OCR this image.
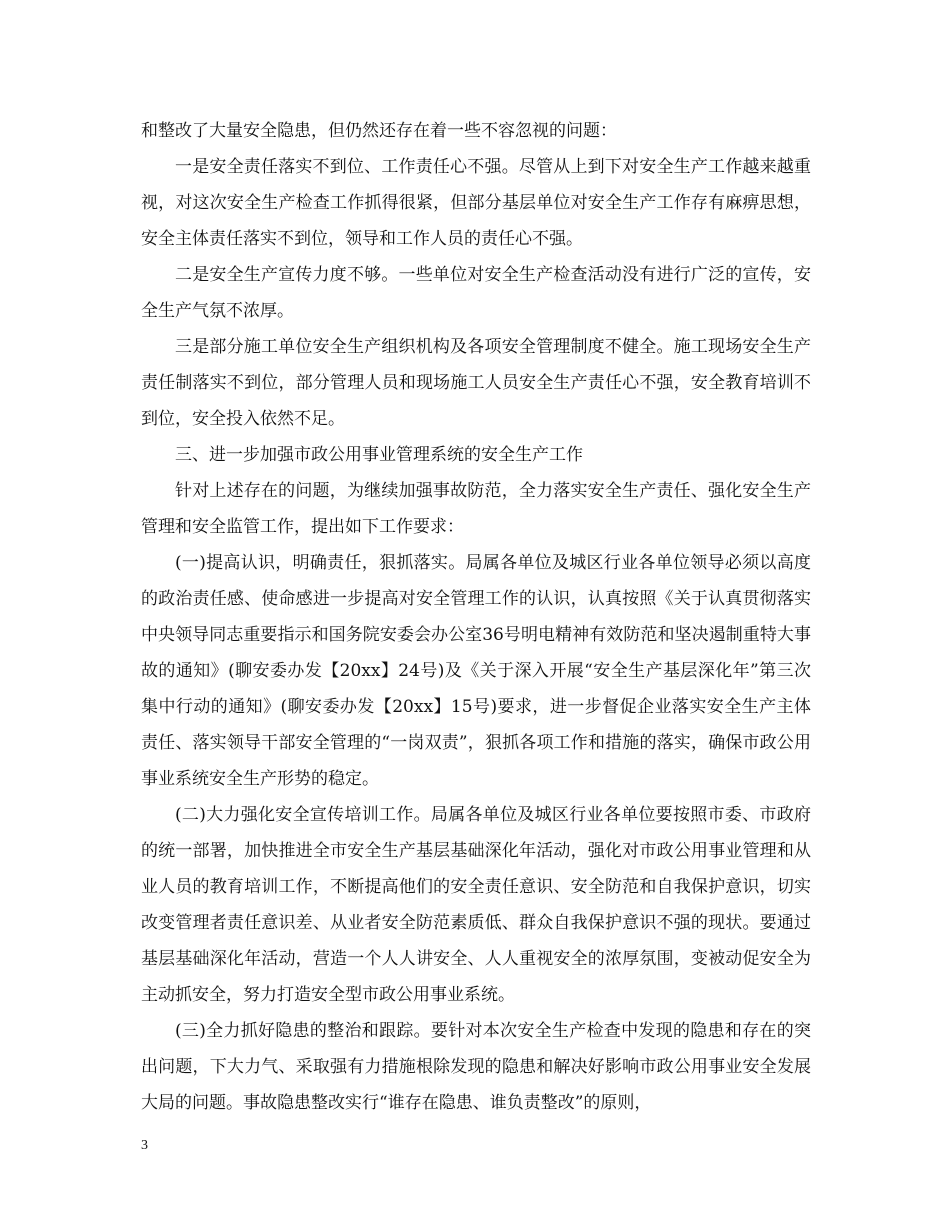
和整改了大量安全隐患，但仍然还存在着一些不容忽视的问题：

一是安全责任落实不到位、工作责任心不强。尽管从上到下对安全生产工作越来越重视，对这次安全生产检查工作抓得很紧，但部分基层单位对安全生产工作存有麻痹思想，安全主体责任落实不到位，领导和工作人员的责任心不强。

二是安全生产宣传力度不够。一些单位对安全生产检查活动没有进行广泛的宣传，安全生产气氛不浓厚。

三是部分施工单位安全生产组织机构及各项安全管理制度不健全。施工现场安全生产责任制落实不到位，部分管理人员和现场施工人员安全生产责任心不强，安全教育培训不到位，安全投入依然不足。

三、进一步加强市政公用事业管理系统的安全生产工作

针对上述存在的问题，为继续加强事故防范，全力落实安全生产责任、强化安全生产管理和安全监管工作，提出如下工作要求：

(一)提高认识，明确责任，狠抓落实。局属各单位及城区行业各单位领导必须以高度的政治责任感、使命感进一步提高对安全管理工作的认识，认真按照《关于认真贯彻落实中央领导同志重要指示和国务院安委会办公室36号明电精神有效防范和坚决遏制重特大事故的通知》(聊安委办发【20xx】24号)及《关于深入开展“安全生产基层深化年”第三次集中行动的通知》(聊安委办发【20xx】15号)要求，进一步督促企业落实安全生产主体责任、落实领导干部安全管理的“一岗双责”，狠抓各项工作和措施的落实，确保市政公用事业系统安全生产形势的稳定。

(二)大力强化安全宣传培训工作。局属各单位及城区行业各单位要按照市委、市政府的统一部署，加快推进全市安全生产基层基础深化年活动，强化对市政公用事业管理和从业人员的教育培训工作，不断提高他们的安全责任意识、安全防范和自我保护意识，切实改变管理者责任意识差、从业者安全防范素质低、群众自我保护意识不强的现状。要通过基层基础深化年活动，营造一个人人讲安全、人人重视安全的浓厚氛围，变被动促安全为主动抓安全，努力打造安全型市政公用事业系统。

(三)全力抓好隐患的整治和跟踪。要针对本次安全生产检查中发现的隐患和存在的突出问题，下大力气、采取强有力措施根除发现的隐患和解决好影响市政公用事业安全发展大局的问题。事故隐患整改实行“谁存在隐患、谁负责整改”的原则，

3
